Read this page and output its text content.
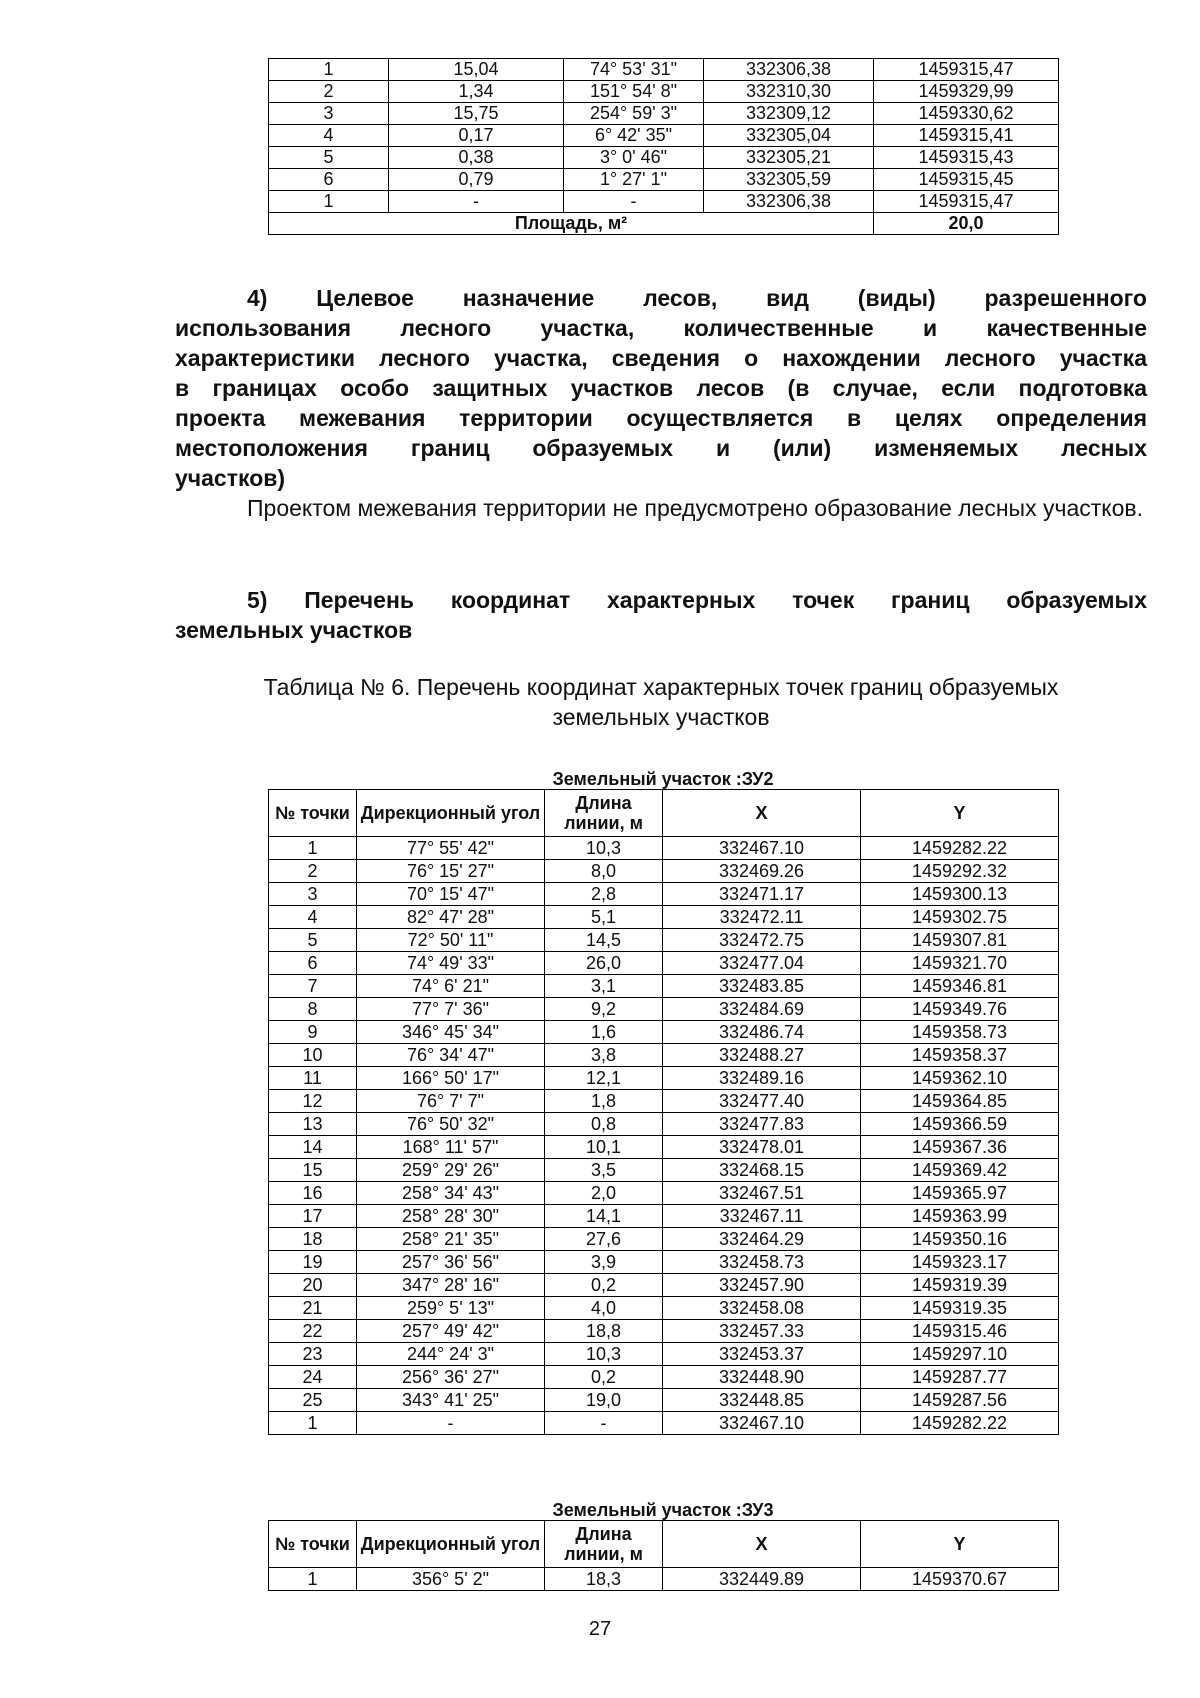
1	15,04	74° 53' 31"	332306,38	1459315,47
2	1,34	151° 54' 8"	332310,30	1459329,99
3	15,75	254° 59' 3"	332309,12	1459330,62
4	0,17	6° 42' 35"	332305,04	1459315,41
5	0,38	3° 0' 46"	332305,21	1459315,43
6	0,79	1° 27' 1"	332305,59	1459315,45
1	-	-	332306,38	1459315,47
Площадь, м²				20,0
4) Целевое назначение лесов, вид (виды) разрешенного
использования лесного участка, количественные и качественные
характеристики лесного участка, сведения о нахождении лесного участка
в границах особо защитных участков лесов (в случае, если подготовка
проекта межевания территории осуществляется в целях определения
местоположения границ образуемых и (или) изменяемых лесных
участков)
Проектом межевания территории не предусмотрено образование лесных участков.
5) Перечень координат характерных точек границ образуемых
земельных участков
Таблица № 6. Перечень координат характерных точек границ образуемых
земельных участков
Земельный участок :ЗУ2
№ точки	Дирекционный угол	Длина линии, м	X	Y
1	77° 55' 42"	10,3	332467.10	1459282.22
2	76° 15' 27"	8,0	332469.26	1459292.32
3	70° 15' 47"	2,8	332471.17	1459300.13
4	82° 47' 28"	5,1	332472.11	1459302.75
5	72° 50' 11"	14,5	332472.75	1459307.81
6	74° 49' 33"	26,0	332477.04	1459321.70
7	74° 6' 21"	3,1	332483.85	1459346.81
8	77° 7' 36"	9,2	332484.69	1459349.76
9	346° 45' 34"	1,6	332486.74	1459358.73
10	76° 34' 47"	3,8	332488.27	1459358.37
11	166° 50' 17"	12,1	332489.16	1459362.10
12	76° 7' 7"	1,8	332477.40	1459364.85
13	76° 50' 32"	0,8	332477.83	1459366.59
14	168° 11' 57"	10,1	332478.01	1459367.36
15	259° 29' 26"	3,5	332468.15	1459369.42
16	258° 34' 43"	2,0	332467.51	1459365.97
17	258° 28' 30"	14,1	332467.11	1459363.99
18	258° 21' 35"	27,6	332464.29	1459350.16
19	257° 36' 56"	3,9	332458.73	1459323.17
20	347° 28' 16"	0,2	332457.90	1459319.39
21	259° 5' 13"	4,0	332458.08	1459319.35
22	257° 49' 42"	18,8	332457.33	1459315.46
23	244° 24' 3"	10,3	332453.37	1459297.10
24	256° 36' 27"	0,2	332448.90	1459287.77
25	343° 41' 25"	19,0	332448.85	1459287.56
1	-	-	332467.10	1459282.22
Земельный участок :ЗУ3
№ точки	Дирекционный угол	Длина линии, м	X	Y
1	356° 5' 2"	18,3	332449.89	1459370.67
27
